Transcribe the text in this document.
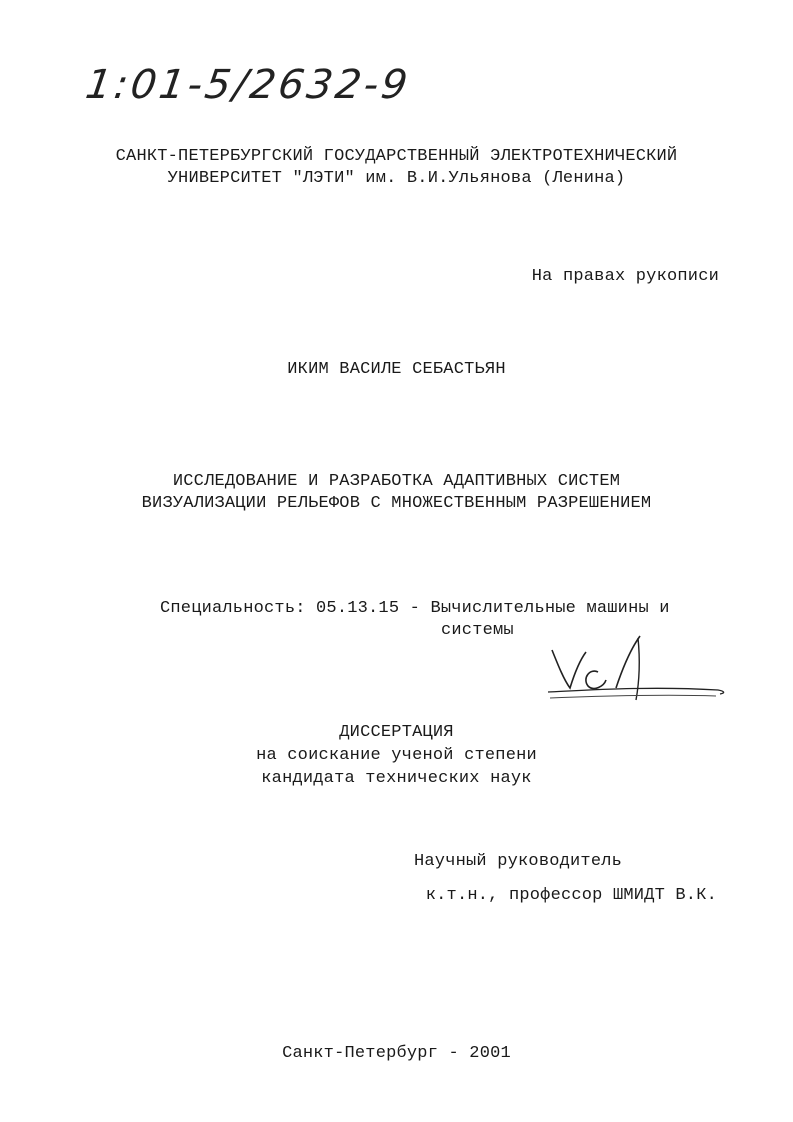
1:01-5/2632-9
САНКТ-ПЕТЕРБУРГСКИЙ ГОСУДАРСТВЕННЫЙ ЭЛЕКТРОТЕХНИЧЕСКИЙ
УНИВЕРСИТЕТ "ЛЭТИ" им. В.И.Ульянова (Ленина)
На правах рукописи
ИКИМ ВАСИЛЕ СЕБАСТЬЯН
ИССЛЕДОВАНИЕ И РАЗРАБОТКА АДАПТИВНЫХ СИСТЕМ
ВИЗУАЛИЗАЦИИ РЕЛЬЕФОВ С МНОЖЕСТВЕННЫМ РАЗРЕШЕНИЕМ
Специальность: 05.13.15 - Вычислительные машины и
системы
ДИССЕРТАЦИЯ
на соискание ученой степени
кандидата технических наук
Научный руководитель
к.т.н., профессор ШМИДТ В.К.
Санкт-Петербург - 2001
